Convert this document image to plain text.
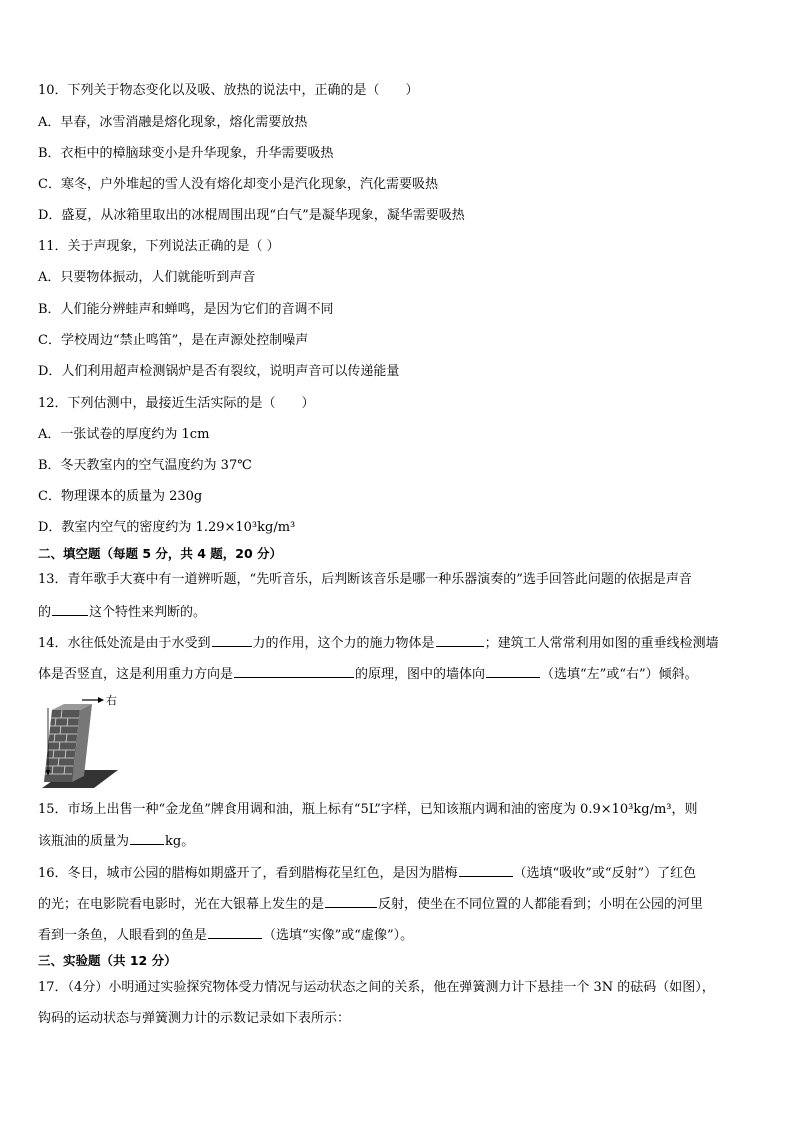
10．下列关于物态变化以及吸、放热的说法中，正确的是（　　）
A．早春，冰雪消融是熔化现象，熔化需要放热
B．衣柜中的樟脑球变小是升华现象，升华需要吸热
C．寒冬，户外堆起的雪人没有熔化却变小是汽化现象，汽化需要吸热
D．盛夏，从冰箱里取出的冰棍周围出现“白气”是凝华现象，凝华需要吸热
11．关于声现象，下列说法正确的是（ ）
A．只要物体振动，人们就能听到声音
B．人们能分辨蛙声和蝉鸣，是因为它们的音调不同
C．学校周边“禁止鸣笛”，是在声源处控制噪声
D．人们利用超声检测锅炉是否有裂纹，说明声音可以传递能量
12．下列估测中，最接近生活实际的是（　　）
A．一张试卷的厚度约为 1cm
B．冬天教室内的空气温度约为 37℃
C．物理课本的质量为 230g
D．教室内空气的密度约为 1.29×10³kg/m³
二、填空题（每题 5 分，共 4 题，20 分）
13．青年歌手大赛中有一道辨听题，“先听音乐，后判断该音乐是哪一种乐器演奏的”选手回答此问题的依据是声音
的	这个特性来判断的。
14．水往低处流是由于水受到	力的作用，这个力的施力物体是	；建筑工人常常利用如图的重垂线检测墙
体是否竖直，这是利用重力方向是	的原理，图中的墙体向	（选填“左”或“右”）倾斜。
右
15．市场上出售一种“金龙鱼”牌食用调和油，瓶上标有“5L”字样，已知该瓶内调和油的密度为 0.9×10³kg/m³，则
该瓶油的质量为	kg。
16．冬日，城市公园的腊梅如期盛开了，看到腊梅花呈红色，是因为腊梅	（选填“吸收”或“反射”）了红色
的光；在电影院看电影时，光在大银幕上发生的是	反射，使坐在不同位置的人都能看到；小明在公园的河里
看到一条鱼，人眼看到的鱼是	（选填“实像”或“虚像”）。
三、实验题（共 12 分）
17．（4分）小明通过实验探究物体受力情况与运动状态之间的关系，他在弹簧测力计下悬挂一个 3N 的砝码（如图），
钩码的运动状态与弹簧测力计的示数记录如下表所示：
